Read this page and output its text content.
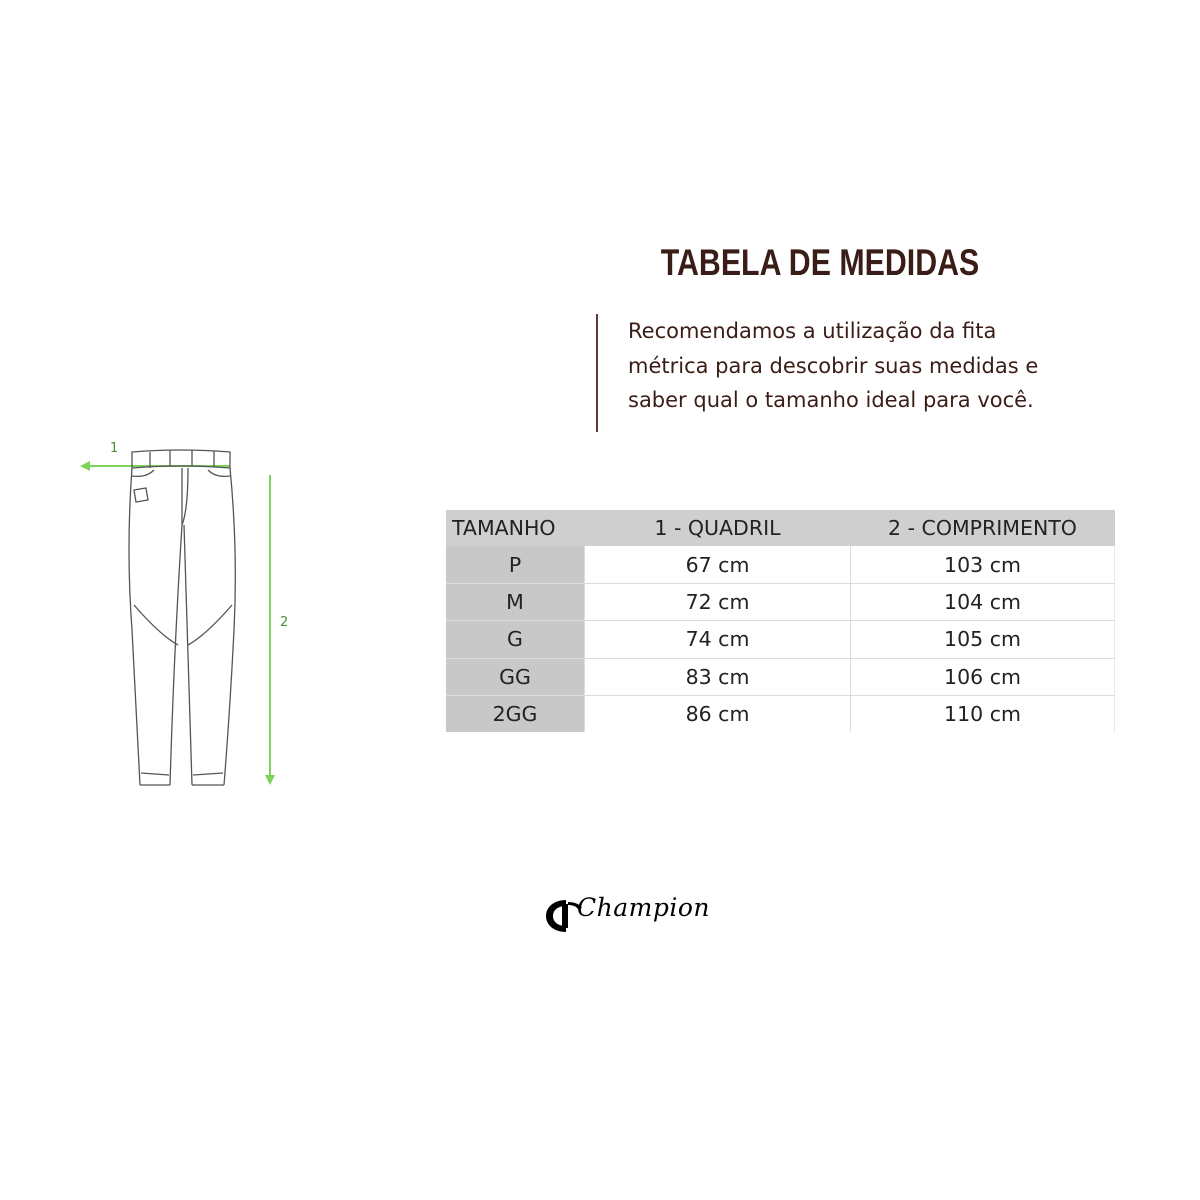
1
2
TABELA DE MEDIDAS

Recomendamos a utilização da fita métrica para descobrir suas medidas e saber qual o tamanho ideal para você.

TAMANHO	1 - QUADRIL	2 - COMPRIMENTO
P	67 cm	103 cm
M	72 cm	104 cm
G	74 cm	105 cm
GG	83 cm	106 cm
2GG	86 cm	110 cm
Champion
